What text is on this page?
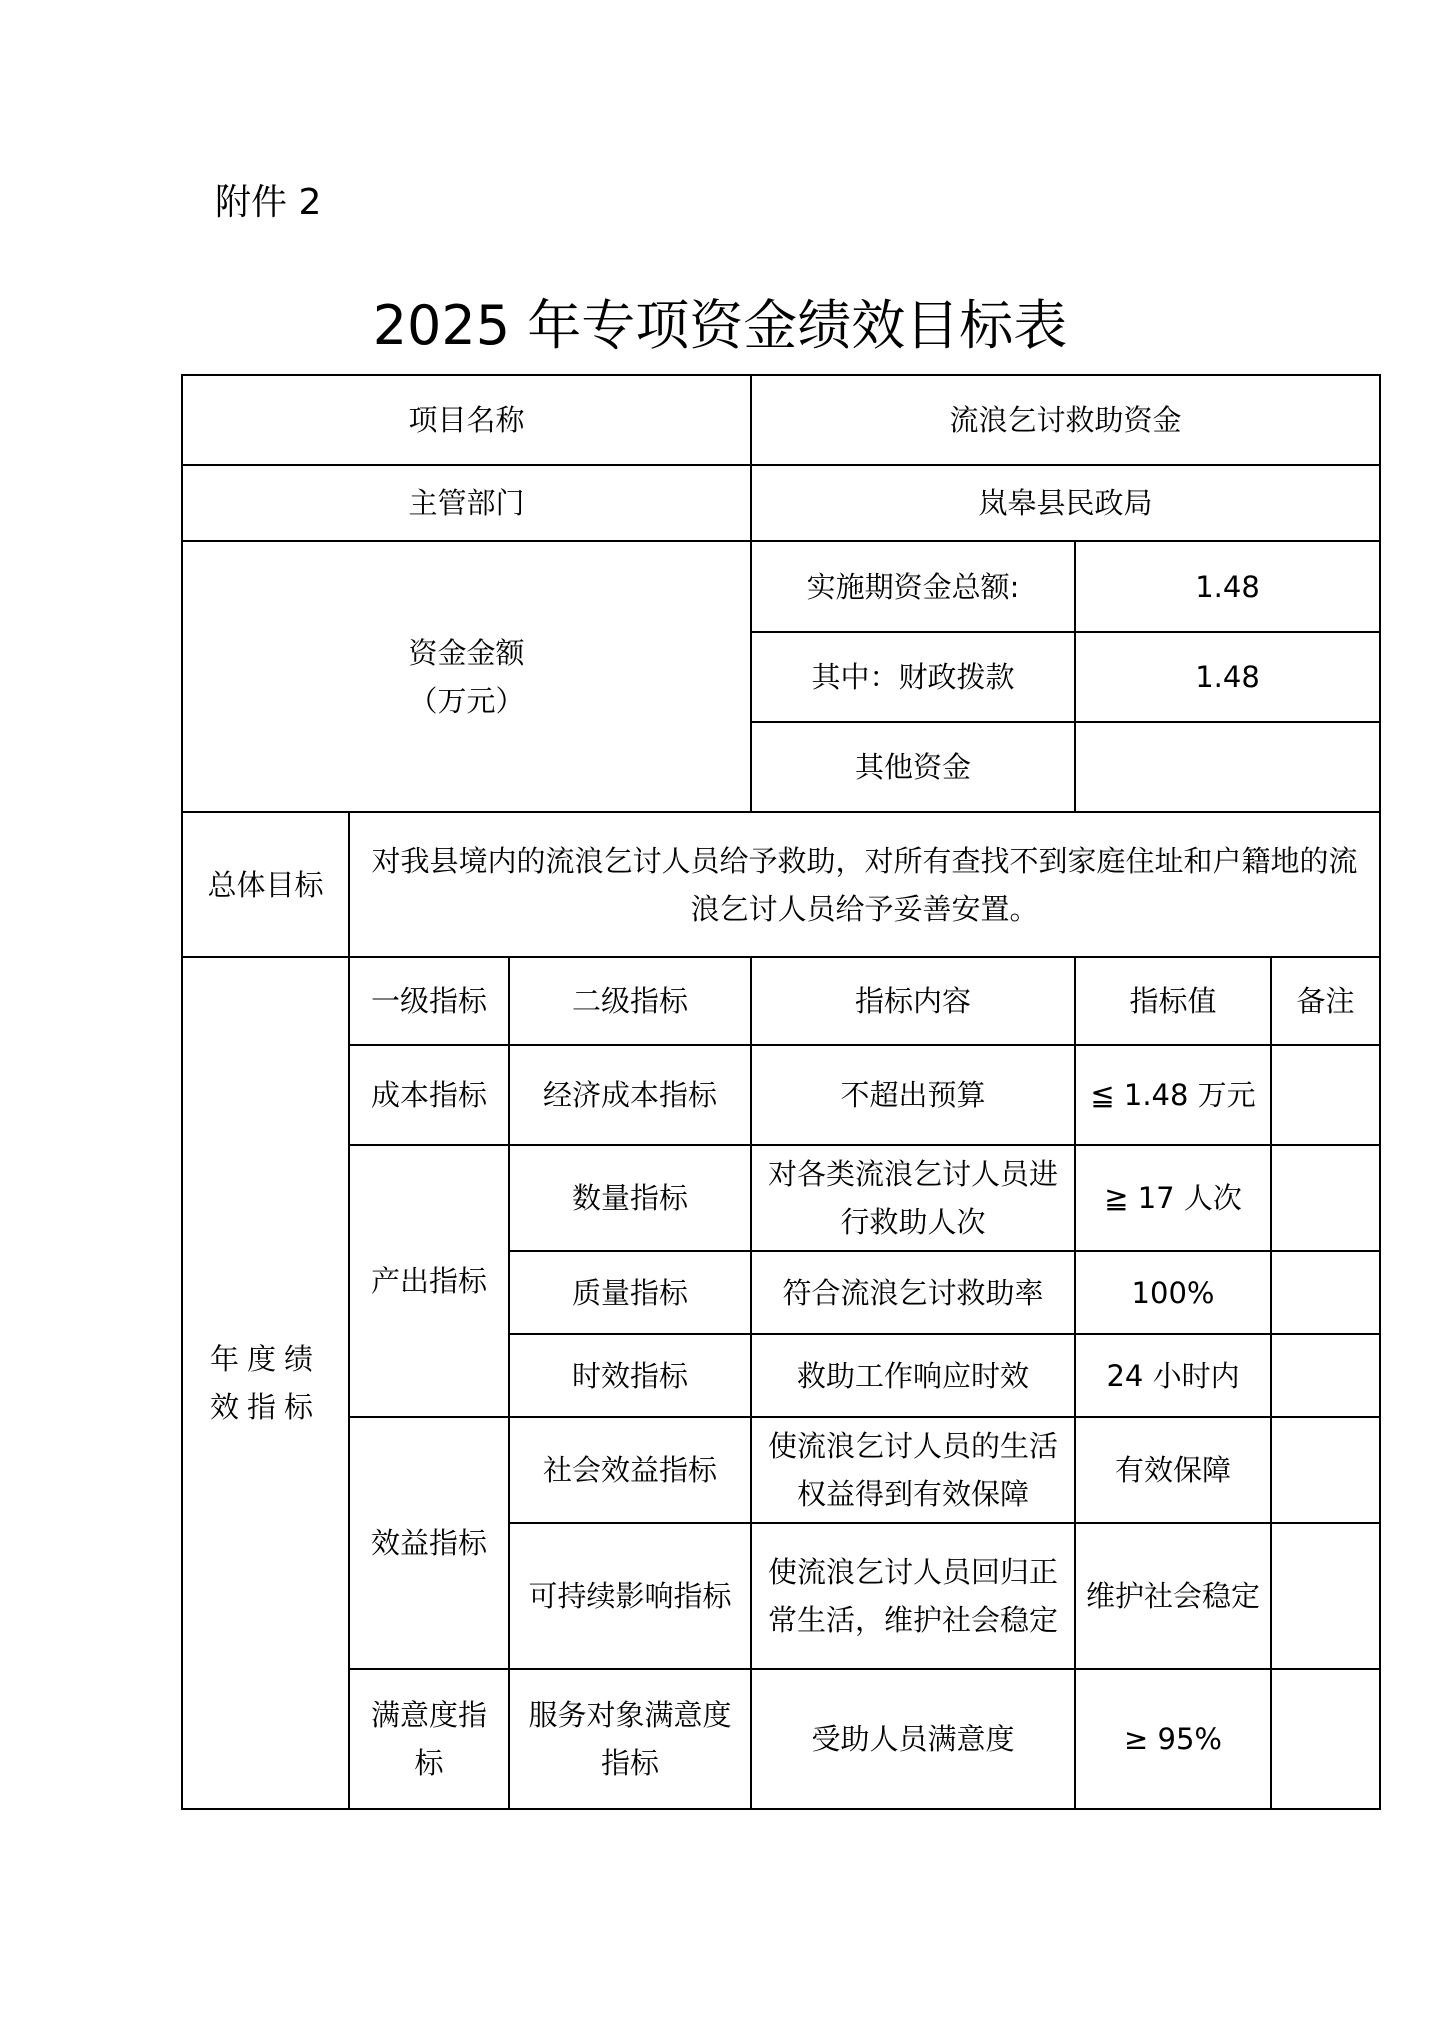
附件 2

2025 年专项资金绩效目标表
项目名称			流浪乞讨救助资金		
主管部门			岚皋县民政局		
资金金额
（万元）			实施期资金总额:	1.48	
			其中：财政拨款	1.48	
			其他资金		
总体目标	对我县境内的流浪乞讨人员给予救助，对所有查找不到家庭住址和户籍地的流浪乞讨人员给予妥善安置。				
年度绩效指标	一级指标	二级指标	指标内容	指标值	备注
	成本指标	经济成本指标	不超出预算	≦ 1.48 万元	
	产出指标	数量指标	对各类流浪乞讨人员进行救助人次	≧ 17 人次	
		质量指标	符合流浪乞讨救助率	100%	
		时效指标	救助工作响应时效	24 小时内	
	效益指标	社会效益指标	使流浪乞讨人员的生活权益得到有效保障	有效保障	
		可持续影响指标	使流浪乞讨人员回归正常生活，维护社会稳定	维护社会稳定	
	满意度指标	服务对象满意度指标	受助人员满意度	≥ 95%	
